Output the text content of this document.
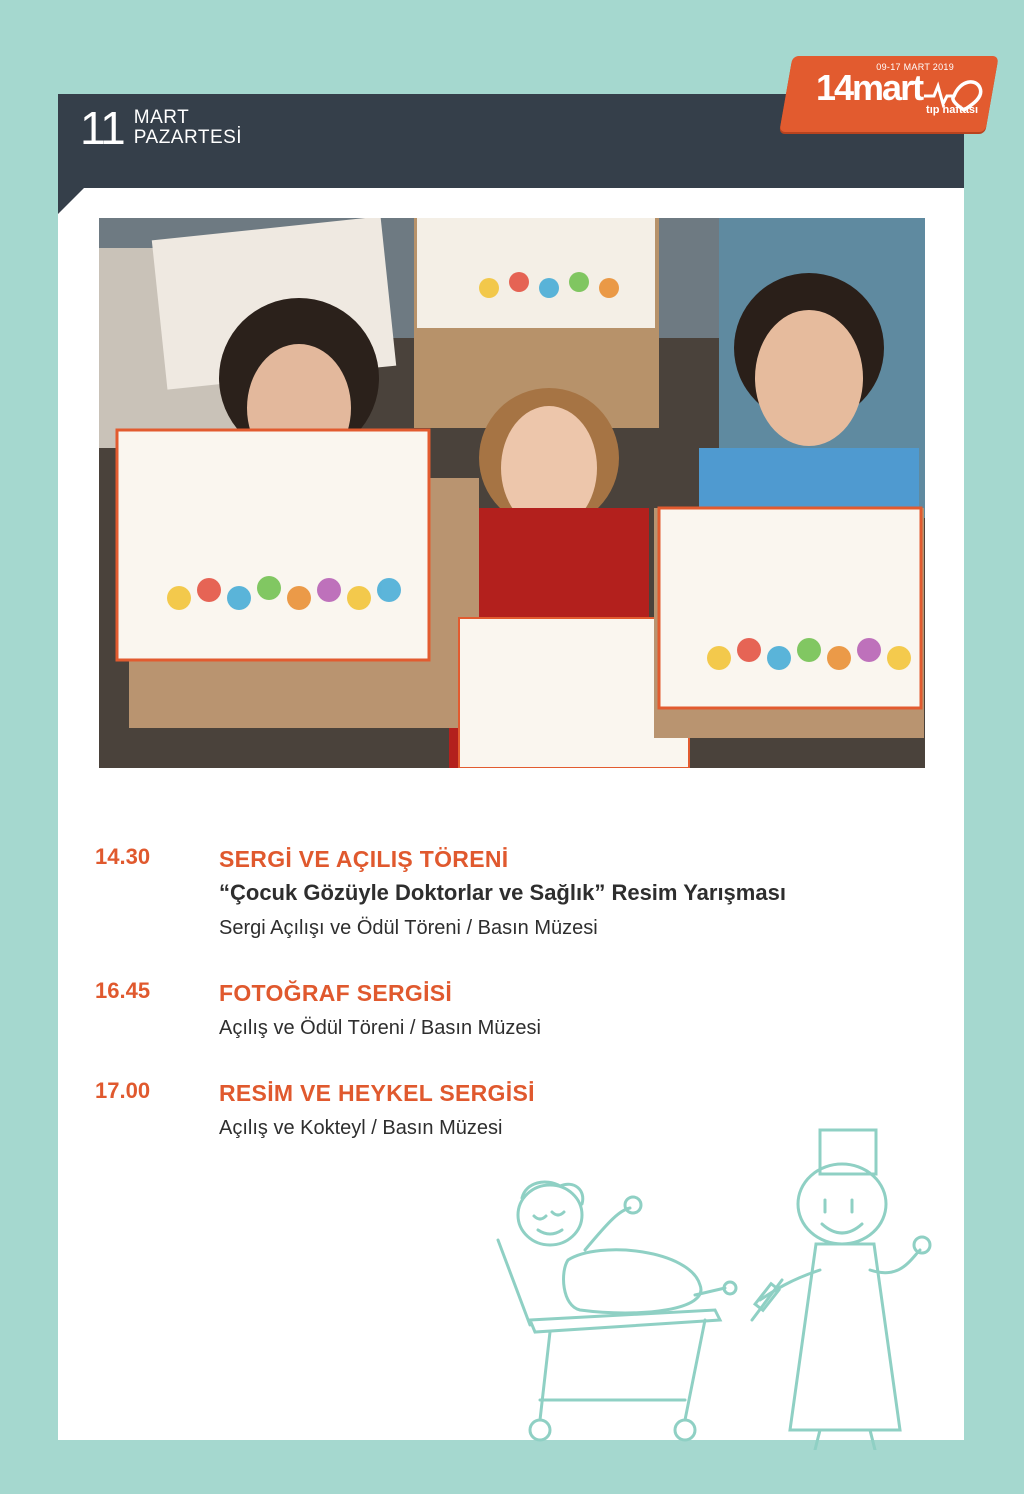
11 MART
PAZARTESİ
09-17 MART 2019
14mart
tıp haftası
14.30	SERGİ VE AÇILIŞ TÖRENİ
“Çocuk Gözüyle Doktorlar ve Sağlık” Resim Yarışması
Sergi Açılışı ve Ödül Töreni / Basın Müzesi
16.45	FOTOĞRAF SERGİSİ
Açılış ve Ödül Töreni / Basın Müzesi
17.00	RESİM VE HEYKEL SERGİSİ
Açılış ve Kokteyl / Basın Müzesi
